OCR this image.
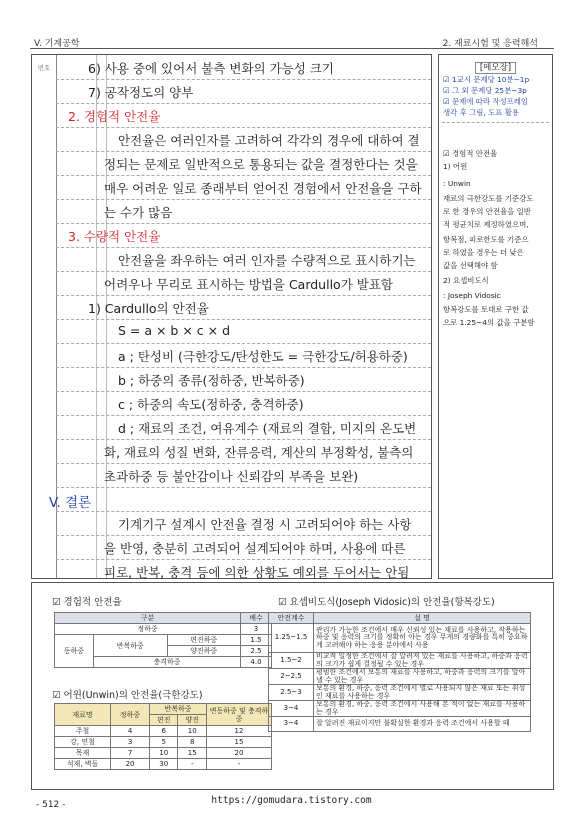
V. 기계공학	2. 재료시험 및 응력해석
번호	6) 사용 중에 있어서 불측 변화의 가능성 크기
7) 공작정도의 양부
2. 경험적 안전율
안전율은 여러인자를 고려하여 각각의 경우에 대하여 결
정되는 문제로 일반적으로 통용되는 값을 결정한다는 것을
매우 어려운 일로 종래부터 얻어진 경험에서 안전율을 구하
는 수가 많음
3. 수량적 안전율
안전율을 좌우하는 여러 인자를 수량적으로 표시하기는
어려우나 무리로 표시하는 방법을 Cardullo가 발표함
1) Cardullo의 안전율
S = a × b × c × d
a ; 탄성비 (극한강도/탄성한도 = 극한강도/허용하중)
b ; 하중의 종류(정하중, 반복하중)
c ; 하중의 속도(정하중, 충격하중)
d ; 재료의 조건, 여유계수 (재료의 결함, 미지의 온도변
화, 재료의 성질 변화, 잔류응력, 계산의 부정확성, 불측의
초과하중 등 불안감이나 신뢰감의 부족을 보완)
V. 결론
기계기구 설계시 안전율 결정 시 고려되어야 하는 사항
을 반영, 충분히 고려되어 설계되어야 하며, 사용에 따른
피로, 반복, 충격 등에 의한 상황도 예외를 두어서는 안됨
[메모장]
☑ 1교시 문제당 10분~1p
☑ 그 외 문제당 25분~3p
☑ 문제에 따라 작성프레임
생각 후 그림, 도표 활용
☑ 경험적 안전율
1) 어윈
: Unwin
재료의 극한강도를 기준강도
로 한 경우의 안전율을 일반
적 평균치로 제정하였으며,
항복점, 피로한도를 기준으
로 하였을 경우는 더 낮은
값을 선택해야 함
2) 요셉비도식
: Joseph Vidosic
항복강도를 토대로 구한 값
으로 1.25~4의 값을 구분함
☑ 경험적 안전율
구분			배수
정하중			3
동하중	반복하중	편진하중	1.5
		양진하중	2.5
	충격하중		4.0
☑ 어윈(Unwin)의 안전율(극한강도)
재료명	정하중	반복하중		변동하중 및 충격하중
		편진	양진	
주철	4	6	10	12
강, 연철	3	5	8	15
목재	7	10	15	20
석재, 벽돌	20	30	-	-
☑ 요셉비도식(Joseph Vidosic)의 안전율(항복강도)
안전계수	설 명
1.25~1.5	관리가 가능한 조건에서 매우 신뢰성 있는 재료를 사용하고, 작용하는 하중 및 응력의 크기를 정확히 아는 경우 무게의 경량화를 특히 중요하게 고려해야 하는 응용 분야에서 사용
1.5~2	비교적 일정한 조건에서 잘 알려져 있는 재료를 사용하고, 하중과 응력의 크기가 쉽게 결정될 수 있는 경우
2~2.5	평범한 조건에서 보통의 재료를 사용하고, 하중과 응력의 크기를 알아낼 수 있는 경우
2.5~3	보통의 환경, 하중, 응력 조건에서 별로 사용되지 않은 재료 또는 취성인 재료를 사용하는 경우
3~4	보통의 환경, 하중, 응력 조건에서 사용해 본 적이 없는 재료를 사용하는 경우
3~4	잘 알려진 재료이지만 불확실한 환경과 응력 조건에서 사용할 때
https://gomudara.tistory.com
- 512 -
